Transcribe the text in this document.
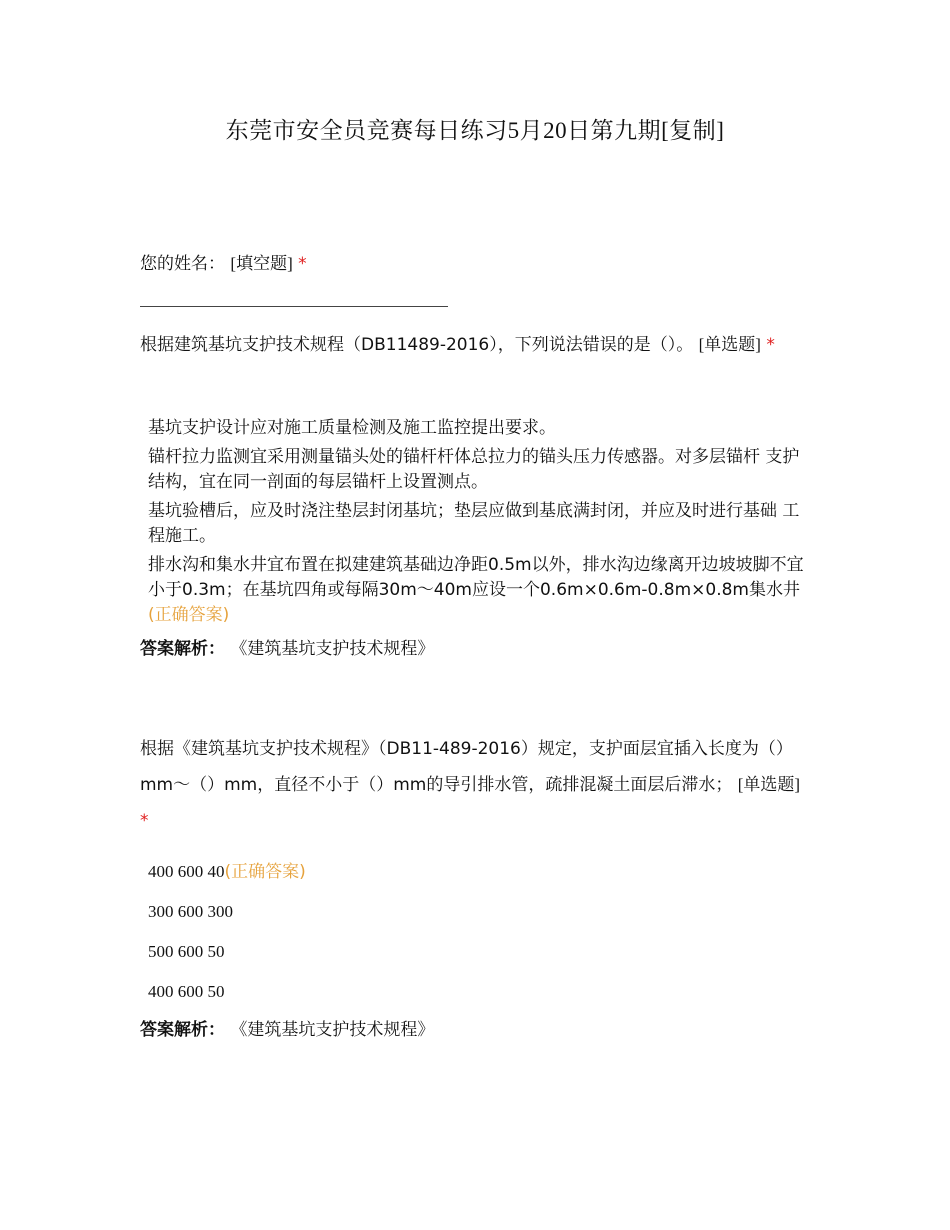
东莞市安全员竞赛每日练习5月20日第九期[复制]
您的姓名： [填空题] *
根据建筑基坑支护技术规程（DB11489-2016），下列说法错误的是（）。 [单选题] *
基坑支护设计应对施工质量检测及施工监控提出要求。
锚杆拉力监测宜采用测量锚头处的锚杆杆体总拉力的锚头压力传感器。对多层锚杆 支护结构，宜在同一剖面的每层锚杆上设置测点。
基坑验槽后，应及时浇注垫层封闭基坑；垫层应做到基底满封闭，并应及时进行基础 工程施工。
排水沟和集水井宜布置在拟建建筑基础边净距0.5m以外，排水沟边缘离开边坡坡脚不宜小于0.3m；在基坑四角或每隔30m～40m应设一个0.6m×0.6m-0.8m×0.8m集水井(正确答案)
答案解析： 《建筑基坑支护技术规程》
根据《建筑基坑支护技术规程》（DB11-489-2016）规定，支护面层宜插入长度为（）mm～（）mm，直径不小于（）mm的导引排水管，疏排混凝土面层后滞水； [单选题] *
400 600 40(正确答案)
300 600 300
500 600 50
400 600 50
答案解析： 《建筑基坑支护技术规程》
